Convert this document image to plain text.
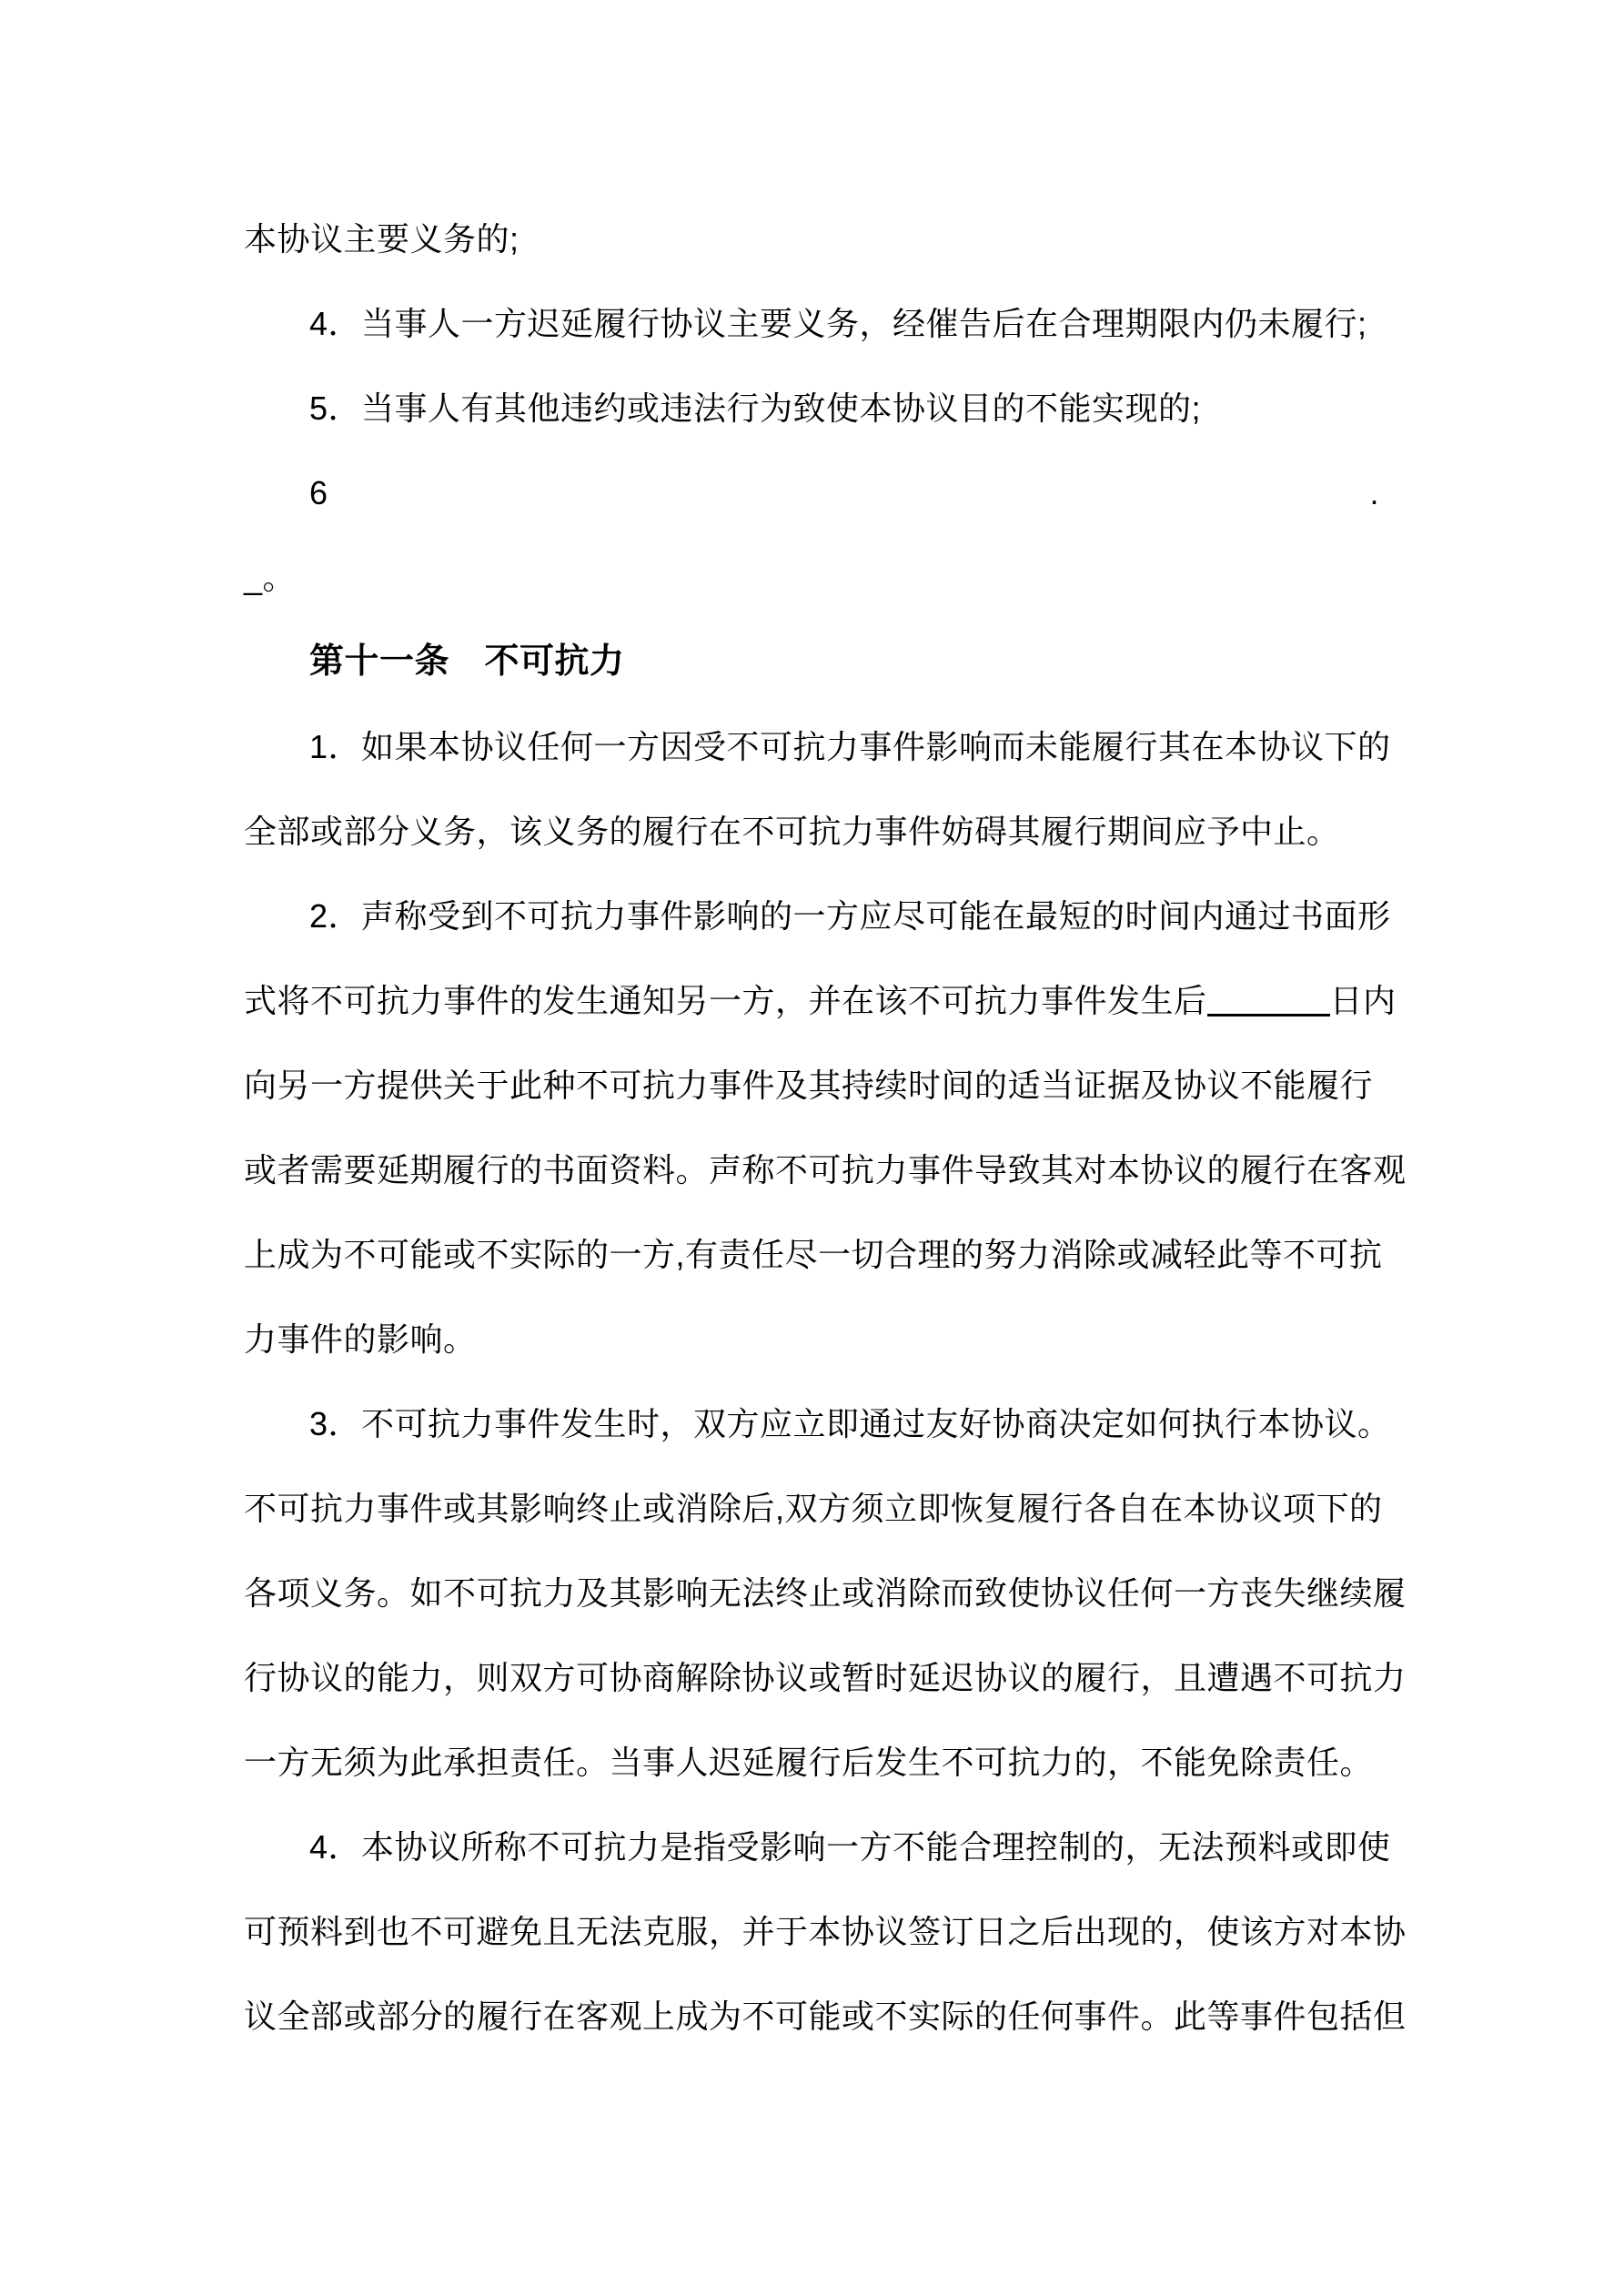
本协议主要义务的;
4．当事人一方迟延履行协议主要义务，经催告后在合理期限内仍未履行;
5．当事人有其他违约或违法行为致使本协议目的不能实现的;
6	.
_。
第十一条　不可抗力
1．如果本协议任何一方因受不可抗力事件影响而未能履行其在本协议下的
全部或部分义务，该义务的履行在不可抗力事件妨碍其履行期间应予中止。
2．声称受到不可抗力事件影响的一方应尽可能在最短的时间内通过书面形
式将不可抗力事件的发生通知另一方，并在该不可抗力事件发生后	日内
向另一方提供关于此种不可抗力事件及其持续时间的适当证据及协议不能履行
或者需要延期履行的书面资料。声称不可抗力事件导致其对本协议的履行在客观
上成为不可能或不实际的一方,有责任尽一切合理的努力消除或减轻此等不可抗
力事件的影响。
3．不可抗力事件发生时，双方应立即通过友好协商决定如何执行本协议。
不可抗力事件或其影响终止或消除后,双方须立即恢复履行各自在本协议项下的
各项义务。如不可抗力及其影响无法终止或消除而致使协议任何一方丧失继续履
行协议的能力，则双方可协商解除协议或暂时延迟协议的履行，且遭遇不可抗力
一方无须为此承担责任。当事人迟延履行后发生不可抗力的，不能免除责任。
4．本协议所称不可抗力是指受影响一方不能合理控制的，无法预料或即使
可预料到也不可避免且无法克服，并于本协议签订日之后出现的，使该方对本协
议全部或部分的履行在客观上成为不可能或不实际的任何事件。此等事件包括但
